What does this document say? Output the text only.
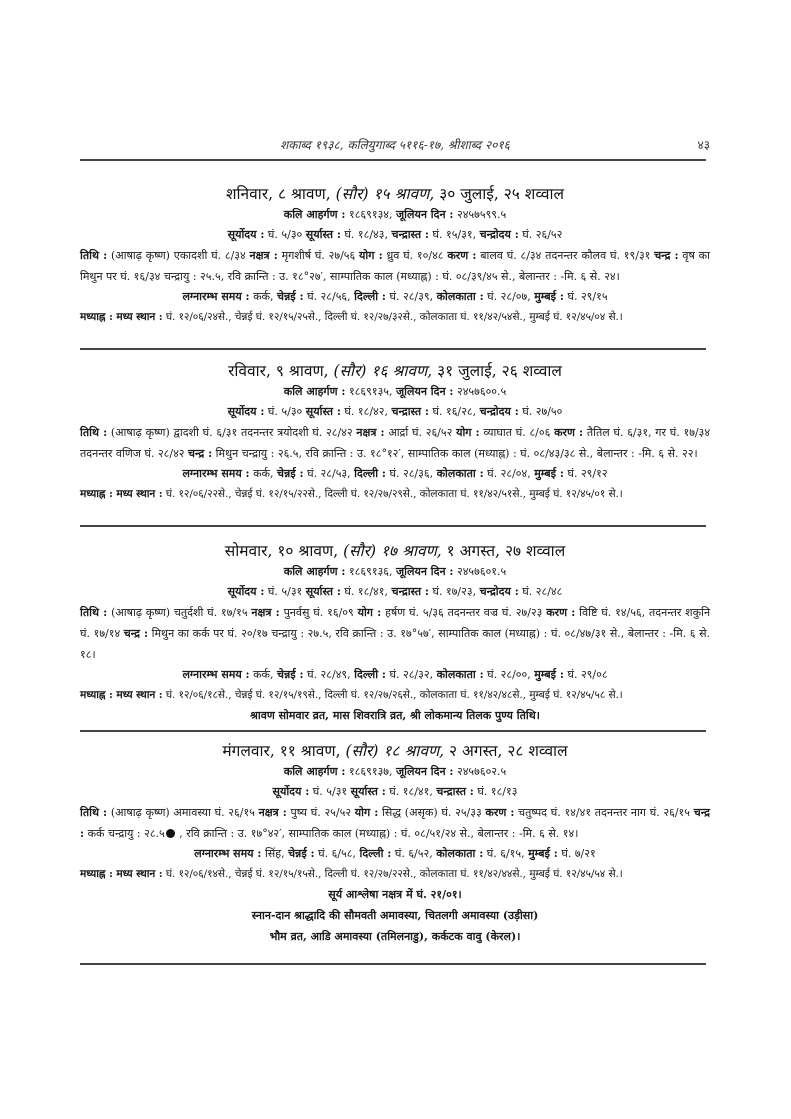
शकाब्द १९३८, कलियुगाब्द ५११६-१७, श्रीशाब्द २०१६	४३
शनिवार, ८ श्रावण, (सौर) १५ श्रावण, ३० जुलाई, २५ शव्वाल
कलि आहर्गण : १८६९१३४, जूलियन दिन : २४५७५९९.५
सूर्योदय : घं. ५/३० सूर्यास्त : घं. १८/४३, चन्द्रास्त : घं. १५/३१, चन्द्रोदय : घं. २६/५२

तिथि : (आषाढ़ कृष्ण) एकादशी घं. ८/३४ नक्षत्र : मृगशीर्ष घं. २७/५६ योग : ध्रुव घं. १०/४८ करण : बालव घं. ८/३४ तदनन्तर कौलव घं. १९/३१ चन्द्र : वृष का मिथुन पर घं. १६/३४ चन्द्रायु : २५.५, रवि क्रान्ति : उ. १८°२७′, साम्पातिक काल (मध्याह्न) : घं. ०८/३९/४५ से., बेलान्तर : -मि. ६ से. २४।

लग्नारम्भ समय : कर्क, चेन्नई : घं. २८/५६, दिल्ली : घं. २८/३९, कोलकाता : घं. २८/०७, मुम्बई : घं. २९/१५
मध्याह्न : मध्य स्थान : घं. १२/०६/२४से., चेन्नई घं. १२/१५/२५से., दिल्ली घं. १२/२७/३२से., कोलकाता घं. ११/४२/५४से., मुम्बई घं. १२/४५/०४ से.।
रविवार, ९ श्रावण, (सौर) १६ श्रावण, ३१ जुलाई, २६ शव्वाल
कलि आहर्गण : १८६९१३५, जूलियन दिन : २४५७६००.५
सूर्योदय : घं. ५/३० सूर्यास्त : घं. १८/४२, चन्द्रास्त : घं. १६/२८, चन्द्रोदय : घं. २७/५०

तिथि : (आषाढ़ कृष्ण) द्वादशी घं. ६/३१ तदनन्तर त्रयोदशी घं. २८/४२ नक्षत्र : आर्द्रा घं. २६/५२ योग : व्याघात घं. ८/०६ करण : तैतिल घं. ६/३१, गर घं. १७/३४ तदनन्तर वणिज घं. २८/४२ चन्द्र : मिथुन चन्द्रायु : २६.५, रवि क्रान्ति : उ. १८°१२′, साम्पातिक काल (मध्याह्न) : घं. ०८/४३/३८ से., बेलान्तर : -मि. ६ से. २२।

लग्नारम्भ समय : कर्क, चेन्नई : घं. २८/५३, दिल्ली : घं. २८/३६, कोलकाता : घं. २८/०४, मुम्बई : घं. २९/१२
मध्याह्न : मध्य स्थान : घं. १२/०६/२२से., चेन्नई घं. १२/१५/२२से., दिल्ली घं. १२/२७/२९से., कोलकाता घं. ११/४२/५१से., मुम्बई घं. १२/४५/०१ से.।
सोमवार, १० श्रावण, (सौर) १७ श्रावण, १ अगस्त, २७ शव्वाल
कलि आहर्गण : १८६९१३६, जूलियन दिन : २४५७६०१.५
सूर्योदय : घं. ५/३१ सूर्यास्त : घं. १८/४१, चन्द्रास्त : घं. १७/२३, चन्द्रोदय : घं. २८/४८

तिथि : (आषाढ़ कृष्ण) चतुर्दशी घं. १७/१५ नक्षत्र : पुनर्वसु घं. १६/०९ योग : हर्षण घं. ५/३६ तदनन्तर वज्र घं. २७/२३ करण : विष्टि घं. १४/५६, तदनन्तर शकुनि घं. १७/१४ चन्द्र : मिथुन का कर्क पर घं. २०/१७ चन्द्रायु : २७.५, रवि क्रान्ति : उ. १७°५७′, साम्पातिक काल (मध्याह्न) : घं. ०८/४७/३१ से., बेलान्तर : -मि. ६ से. १८।

लग्नारम्भ समय : कर्क, चेन्नई : घं. २८/४९, दिल्ली : घं. २८/३२, कोलकाता : घं. २८/००, मुम्बई : घं. २९/०८
मध्याह्न : मध्य स्थान : घं. १२/०६/१८से., चेन्नई घं. १२/१५/१९से., दिल्ली घं. १२/२७/२६से., कोलकाता घं. ११/४२/४८से., मुम्बई घं. १२/४५/५८ से.।
श्रावण सोमवार व्रत, मास शिवरात्रि व्रत, श्री लोकमान्य तिलक पुण्य तिथि।
मंगलवार, ११ श्रावण, (सौर) १८ श्रावण, २ अगस्त, २८ शव्वाल
कलि आहर्गण : १८६९१३७, जूलियन दिन : २४५७६०२.५
सूर्योदय : घं. ५/३१ सूर्यास्त : घं. १८/४१, चन्द्रास्त : घं. १८/१३

तिथि : (आषाढ़ कृष्ण) अमावस्या घं. २६/१५ नक्षत्र : पुष्य घं. २५/५२ योग : सिद्ध (असृक) घं. २५/३३ करण : चतुष्पद घं. १४/४१ तदनन्तर नाग घं. २६/१५ चन्द्र : कर्क चन्द्रायु : २८.५ , रवि क्रान्ति : उ. १७°४२′, साम्पातिक काल (मध्याह्न) : घं. ०८/५१/२४ से., बेलान्तर : -मि. ६ से. १४।

लग्नारम्भ समय : सिंह, चेन्नई : घं. ६/५८, दिल्ली : घं. ६/५२, कोलकाता : घं. ६/१५, मुम्बई : घं. ७/२१
मध्याह्न : मध्य स्थान : घं. १२/०६/१४से., चेन्नई घं. १२/१५/१५से., दिल्ली घं. १२/२७/२२से., कोलकाता घं. ११/४२/४४से., मुम्बई घं. १२/४५/५४ से.।
सूर्य आश्लेषा नक्षत्र में घं. २१/०१।
स्नान-दान श्राद्धादि की सौमवती अमावस्या, चितलगी अमावस्या (उड़ीसा)
भौम व्रत, आडि अमावस्या (तमिलनाडु), कर्कटक वावु (केरल)।
